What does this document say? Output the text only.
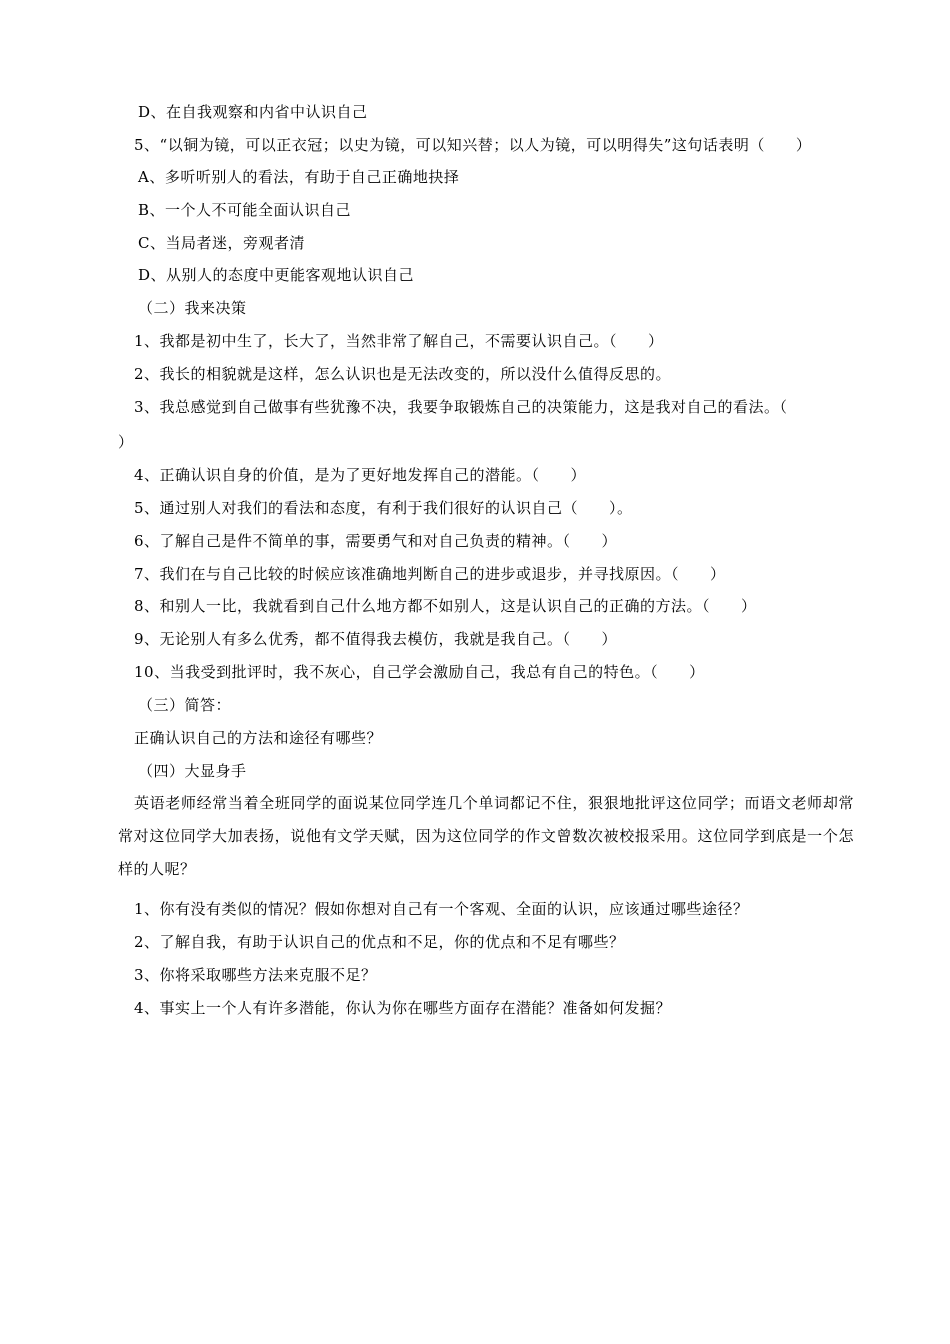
D、在自我观察和内省中认识自己
5、“以铜为镜，可以正衣冠；以史为镜，可以知兴替；以人为镜，可以明得失”这句话表明（　　）
A、多听听别人的看法，有助于自己正确地抉择
B、一个人不可能全面认识自己
C、当局者迷，旁观者清
D、从别人的态度中更能客观地认识自己
（二）我来决策
1、我都是初中生了，长大了，当然非常了解自己，不需要认识自己。（　　）
2、我长的相貌就是这样，怎么认识也是无法改变的，所以没什么值得反思的。
3、我总感觉到自己做事有些犹豫不决，我要争取锻炼自己的决策能力，这是我对自己的看法。（
）
4、正确认识自身的价值，是为了更好地发挥自己的潜能。（　　）
5、通过别人对我们的看法和态度，有利于我们很好的认识自己（　　）。
6、了解自己是件不简单的事，需要勇气和对自己负责的精神。（　　）
7、我们在与自己比较的时候应该准确地判断自己的进步或退步，并寻找原因。（　　）
8、和别人一比，我就看到自己什么地方都不如别人，这是认识自己的正确的方法。（　　）
9、无论别人有多么优秀，都不值得我去模仿，我就是我自己。（　　）
10、当我受到批评时，我不灰心，自己学会激励自己，我总有自己的特色。（　　）
（三）简答：
正确认识自己的方法和途径有哪些？
（四）大显身手
英语老师经常当着全班同学的面说某位同学连几个单词都记不住，狠狠地批评这位同学；而语文老师却常常对这位同学大加表扬，说他有文学天赋，因为这位同学的作文曾数次被校报采用。这位同学到底是一个怎样的人呢？
1、你有没有类似的情况？假如你想对自己有一个客观、全面的认识，应该通过哪些途径？
2、了解自我，有助于认识自己的优点和不足，你的优点和不足有哪些？
3、你将采取哪些方法来克服不足？
4、事实上一个人有许多潜能，你认为你在哪些方面存在潜能？准备如何发掘？
